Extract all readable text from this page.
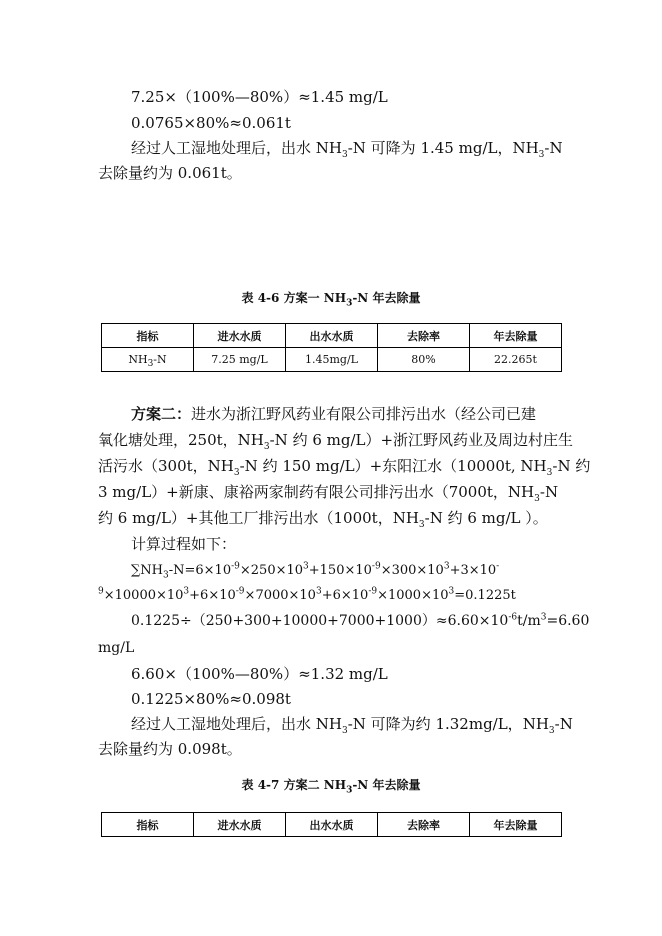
7.25×（100%—80%）≈1.45 mg/L
0.0765×80%≈0.061t
经过人工湿地处理后，出水 $NH_3-N$ 可降为 1.45 mg/L，$NH_3-N$
去除量约为 0.061t。
表 4-6 方案一 $NH_3-N$ 年去除量
指标	进水水质	出水水质	去除率	年去除量
$NH_3-N$	7.25 mg/L	1.45mg/L	80%	22.265t
方案二：进水为浙江野风药业有限公司排污出水（经公司已建
氧化塘处理，250t，$NH_3-N$ 约 6 mg/L）+浙江野风药业及周边村庄生
活污水（300t，$NH_3-N$ 约 150 mg/L）+东阳江水（10000t, $NH_3-N$ 约
3 mg/L）+新康、康裕两家制药有限公司排污出水（7000t，$NH_3-N$
约 6 mg/L）+其他工厂排污出水（1000t，$NH_3-N$ 约 6 mg/L ）。
计算过程如下：
$\sum NH_3-N=6\times 10^{-9}\times 250\times 10^3+150\times 10^{-9}\times 300\times 10^3+3\times 10^-$
$^9\times 10000\times 10^3+6\times 10^{-9}\times 7000\times 10^3+6\times 10^{-9}\times 1000\times 10^3=0.1225t$
$0.1225\div(250+300+10000+7000+1000)\approx 6.60\times 10^{-6}t/m^3=6.60$
mg/L
6.60×（100%—80%）≈1.32 mg/L
0.1225×80%≈0.098t
经过人工湿地处理后，出水 $NH_3-N$ 可降为约 1.32mg/L，$NH_3-N$
去除量约为 0.098t。
表 4-7 方案二 $NH_3-N$ 年去除量
指标	进水水质	出水水质	去除率	年去除量
